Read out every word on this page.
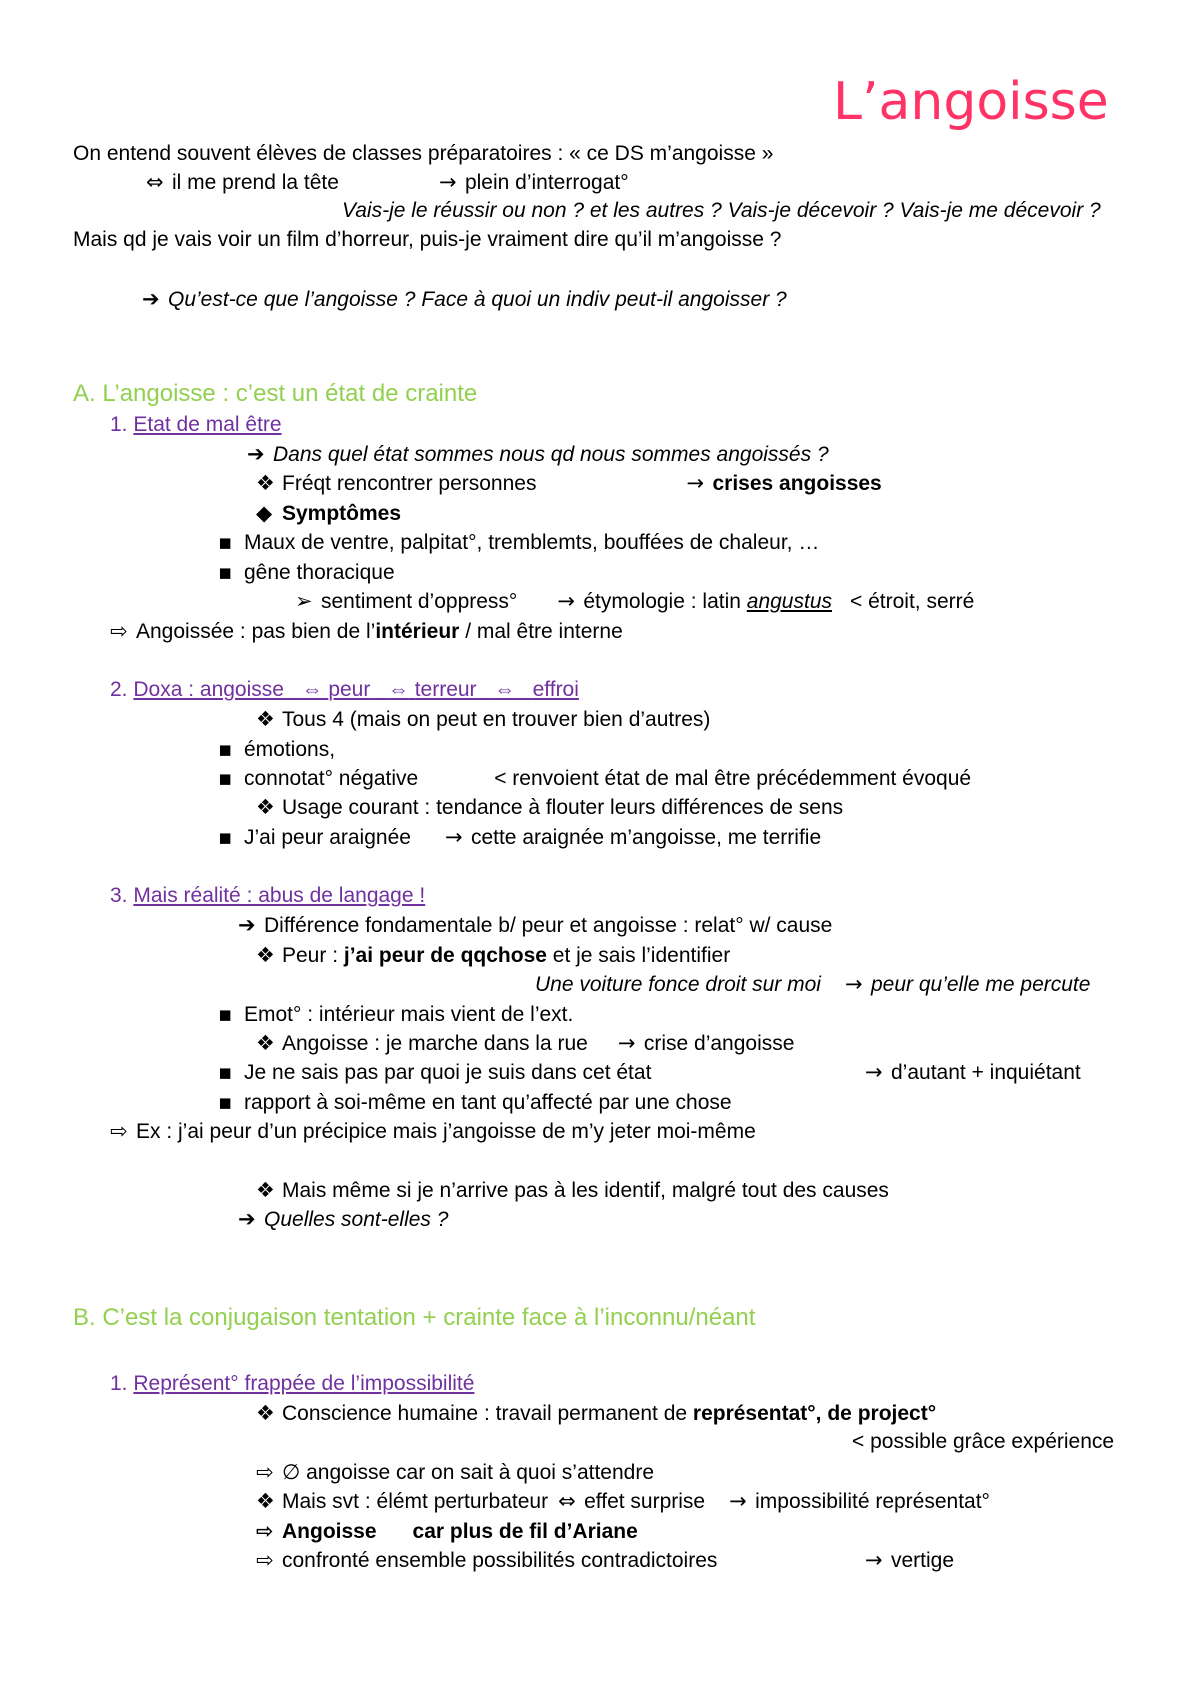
L’angoisse
On entend souvent élèves de classes préparatoires : « ce DS m’angoisse »
⇔ il me prend la tête	→ plein d’interrogat°
Vais-je le réussir ou non ? et les autres ? Vais-je décevoir ? Vais-je me décevoir ?
Mais qd je vais voir un film d’horreur, puis-je vraiment dire qu’il m’angoisse ?
➔ Qu’est-ce que l’angoisse ? Face à quoi un indiv peut-il angoisser ?
A. L’angoisse : c’est un état de crainte
1. Etat de mal être
➔ Dans quel état sommes nous qd nous sommes angoissés ?
❖ Fréqt rencontrer personnes	→ crises angoisses
◆ Symptômes
▪ Maux de ventre, palpitat°, tremblemts, bouffées de chaleur, …
▪ gêne thoracique
➢ sentiment d’oppress° → étymologie : latin angustus < étroit, serré
⇨ Angoissée : pas bien de l’intérieur / mal être interne
2. Doxa : angoisse ⇔ peur ⇔ terreur ⇔ effroi
❖ Tous 4 (mais on peut en trouver bien d’autres)
▪ émotions,
▪ connotat° négative	< renvoient état de mal être précédemment évoqué
❖ Usage courant : tendance à flouter leurs différences de sens
▪ J’ai peur araignée → cette araignée m’angoisse, me terrifie
3. Mais réalité : abus de langage !
➔ Différence fondamentale b/ peur et angoisse : relat° w/ cause
❖ Peur : j’ai peur de qqchose et je sais l’identifier
Une voiture fonce droit sur moi → peur qu’elle me percute
▪ Emot° : intérieur mais vient de l’ext.
❖ Angoisse : je marche dans la rue → crise d’angoisse
▪ Je ne sais pas par quoi je suis dans cet état	→ d’autant + inquiétant
▪ rapport à soi-même en tant qu’affecté par une chose
⇨ Ex : j’ai peur d’un précipice mais j’angoisse de m’y jeter moi-même
❖ Mais même si je n’arrive pas à les identif, malgré tout des causes
➔ Quelles sont-elles ?
B. C’est la conjugaison tentation + crainte face à l’inconnu/néant
1. Représent° frappée de l’impossibilité
❖ Conscience humaine : travail permanent de représentat°, de project°
< possible grâce expérience
⇨ ∅ angoisse car on sait à quoi s’attendre
❖ Mais svt : élémt perturbateur ⇔ effet surprise → impossibilité représentat°
⇨ Angoisse car plus de fil d’Ariane
⇨ confronté ensemble possibilités contradictoires	→ vertige
